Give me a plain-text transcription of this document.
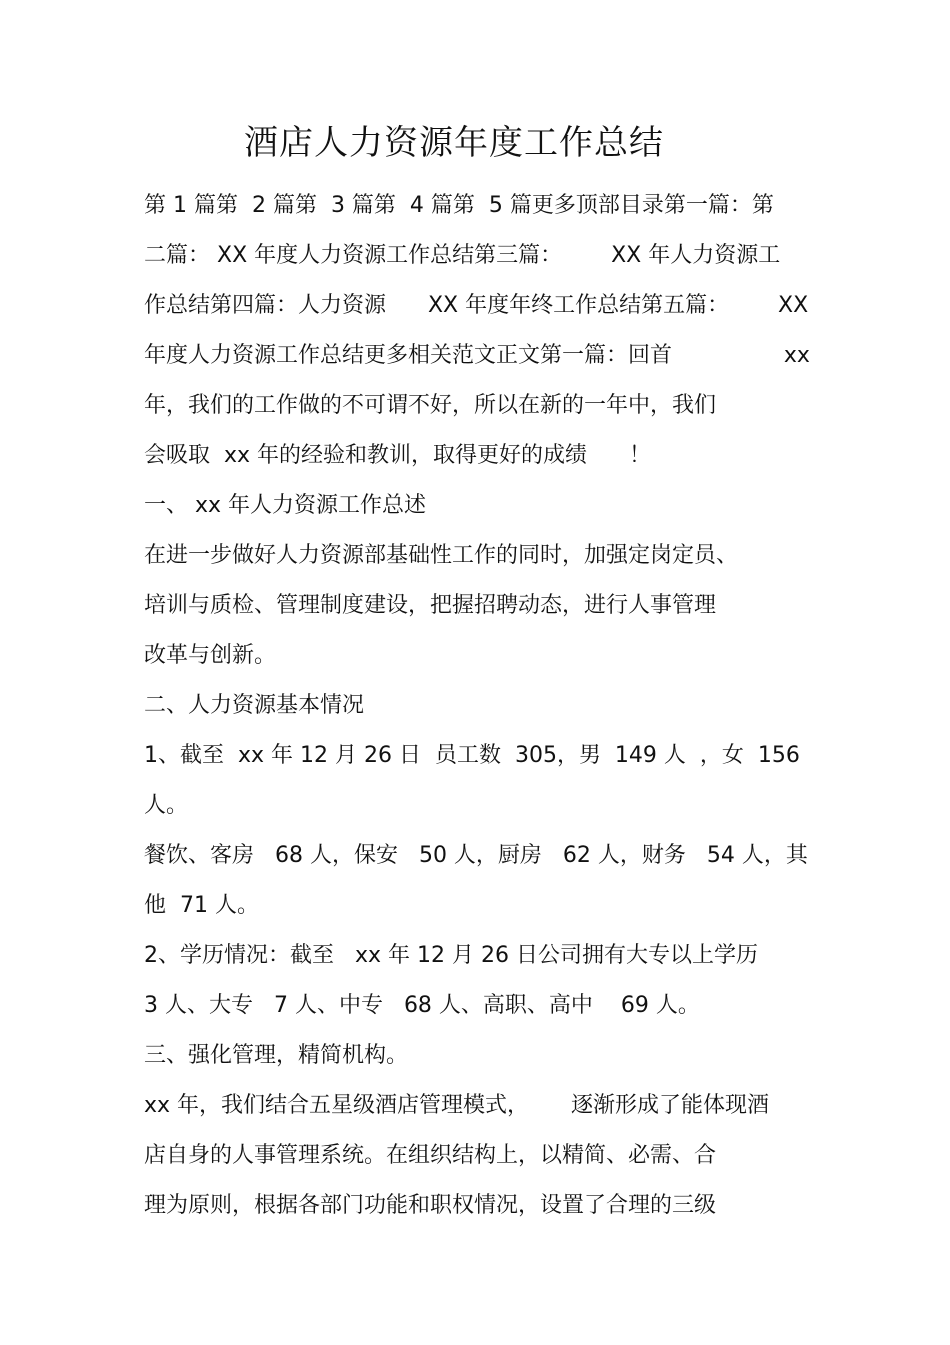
酒店人力资源年度工作总结

第 1 篇第  2 篇第  3 篇第  4 篇第  5 篇更多顶部目录第一篇：第

二篇： XX 年度人力资源工作总结第三篇：       XX 年人力资源工

作总结第四篇：人力资源      XX 年度年终工作总结第五篇：       XX

年度人力资源工作总结更多相关范文正文第一篇：回首                xx

年，我们的工作做的不可谓不好，所以在新的一年中，我们

会吸取  xx 年的经验和教训，取得更好的成绩      ！

一、 xx 年人力资源工作总述

在进一步做好人力资源部基础性工作的同时，加强定岗定员、

培训与质检、管理制度建设，把握招聘动态，进行人事管理

改革与创新。

二、人力资源基本情况

1、截至  xx 年 12 月 26 日  员工数  305，男  149 人  ，女  156

人。

餐饮、客房   68 人，保安   50 人，厨房   62 人，财务   54 人，其

他  71 人。

2、学历情况：截至   xx 年 12 月 26 日公司拥有大专以上学历

3 人、大专   7 人、中专   68 人、高职、高中    69 人。

三、强化管理，精简机构。

xx 年，我们结合五星级酒店管理模式，      逐渐形成了能体现酒

店自身的人事管理系统。在组织结构上，以精简、必需、合

理为原则，根据各部门功能和职权情况，设置了合理的三级
